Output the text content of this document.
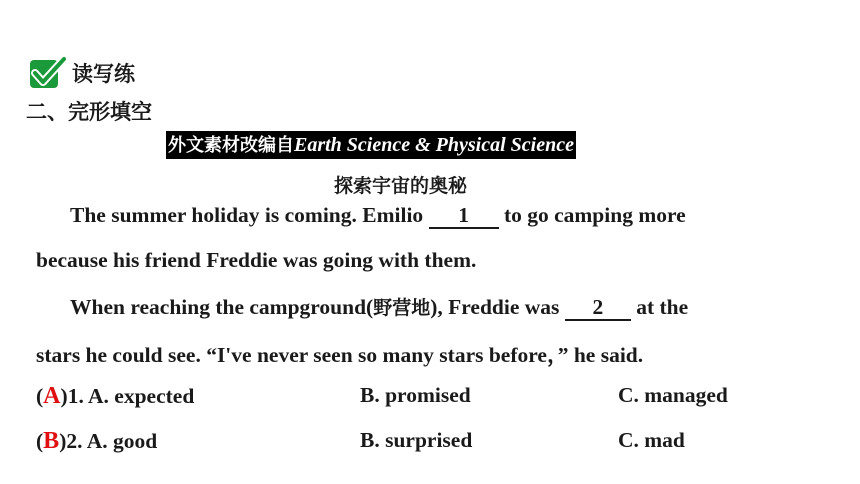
读写练
二、完形填空
外文素材改编自Earth Science & Physical Science
探索宇宙的奥秘
The summer holiday is coming. Emilio 1 to go camping more
because his friend Freddie was going with them.
When reaching the campground(野营地), Freddie was 2 at the
stars he could see. “I've never seen so many stars before，” he said.
(A)1. A. expected	B. promised	C. managed
(B)2. A. good	B. surprised	C. mad
